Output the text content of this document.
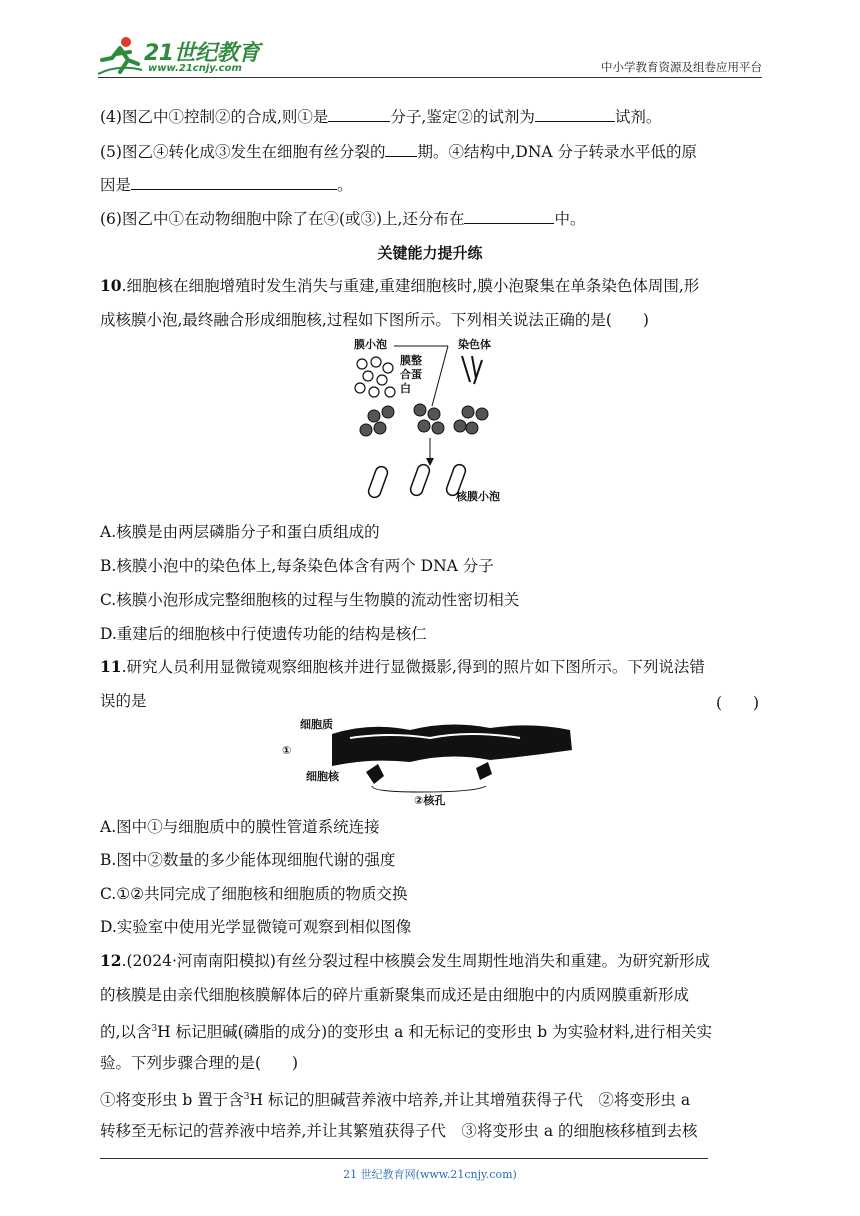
21世纪教育
www.21cnjy.com	中小学教育资源及组卷应用平台
(4)图乙中①控制②的合成,则①是	分子,鉴定②的试剂为	试剂。
(5)图乙④转化成③发生在细胞有丝分裂的 期。④结构中,DNA 分子转录水平低的原
因是	。
(6)图乙中①在动物细胞中除了在④(或③)上,还分布在	中。
关键能力提升练
10.细胞核在细胞增殖时发生消失与重建,重建细胞核时,膜小泡聚集在单条染色体周围,形
成核膜小泡,最终融合形成细胞核,过程如下图所示。下列相关说法正确的是(　　)
膜小泡
膜整
合蛋
白
染色体
核膜小泡
A.核膜是由两层磷脂分子和蛋白质组成的
B.核膜小泡中的染色体上,每条染色体含有两个 DNA 分子
C.核膜小泡形成完整细胞核的过程与生物膜的流动性密切相关
D.重建后的细胞核中行使遗传功能的结构是核仁
11.研究人员利用显微镜观察细胞核并进行显微摄影,得到的照片如下图所示。下列说法错
误的是	(　　)
细胞质
①
细胞核
②核孔
A.图中①与细胞质中的膜性管道系统连接
B.图中②数量的多少能体现细胞代谢的强度
C.①②共同完成了细胞核和细胞质的物质交换
D.实验室中使用光学显微镜可观察到相似图像
12.(2024·河南南阳模拟)有丝分裂过程中核膜会发生周期性地消失和重建。为研究新形成
的核膜是由亲代细胞核膜解体后的碎片重新聚集而成还是由细胞中的内质网膜重新形成
的,以含$^3$H 标记胆碱(磷脂的成分)的变形虫 a 和无标记的变形虫 b 为实验材料,进行相关实
验。下列步骤合理的是(　　)
①将变形虫 b 置于含$^3$H 标记的胆碱营养液中培养,并让其增殖获得子代　②将变形虫 a
转移至无标记的营养液中培养,并让其繁殖获得子代　③将变形虫 a 的细胞核移植到去核
21 世纪教育网(www.21cnjy.com)
